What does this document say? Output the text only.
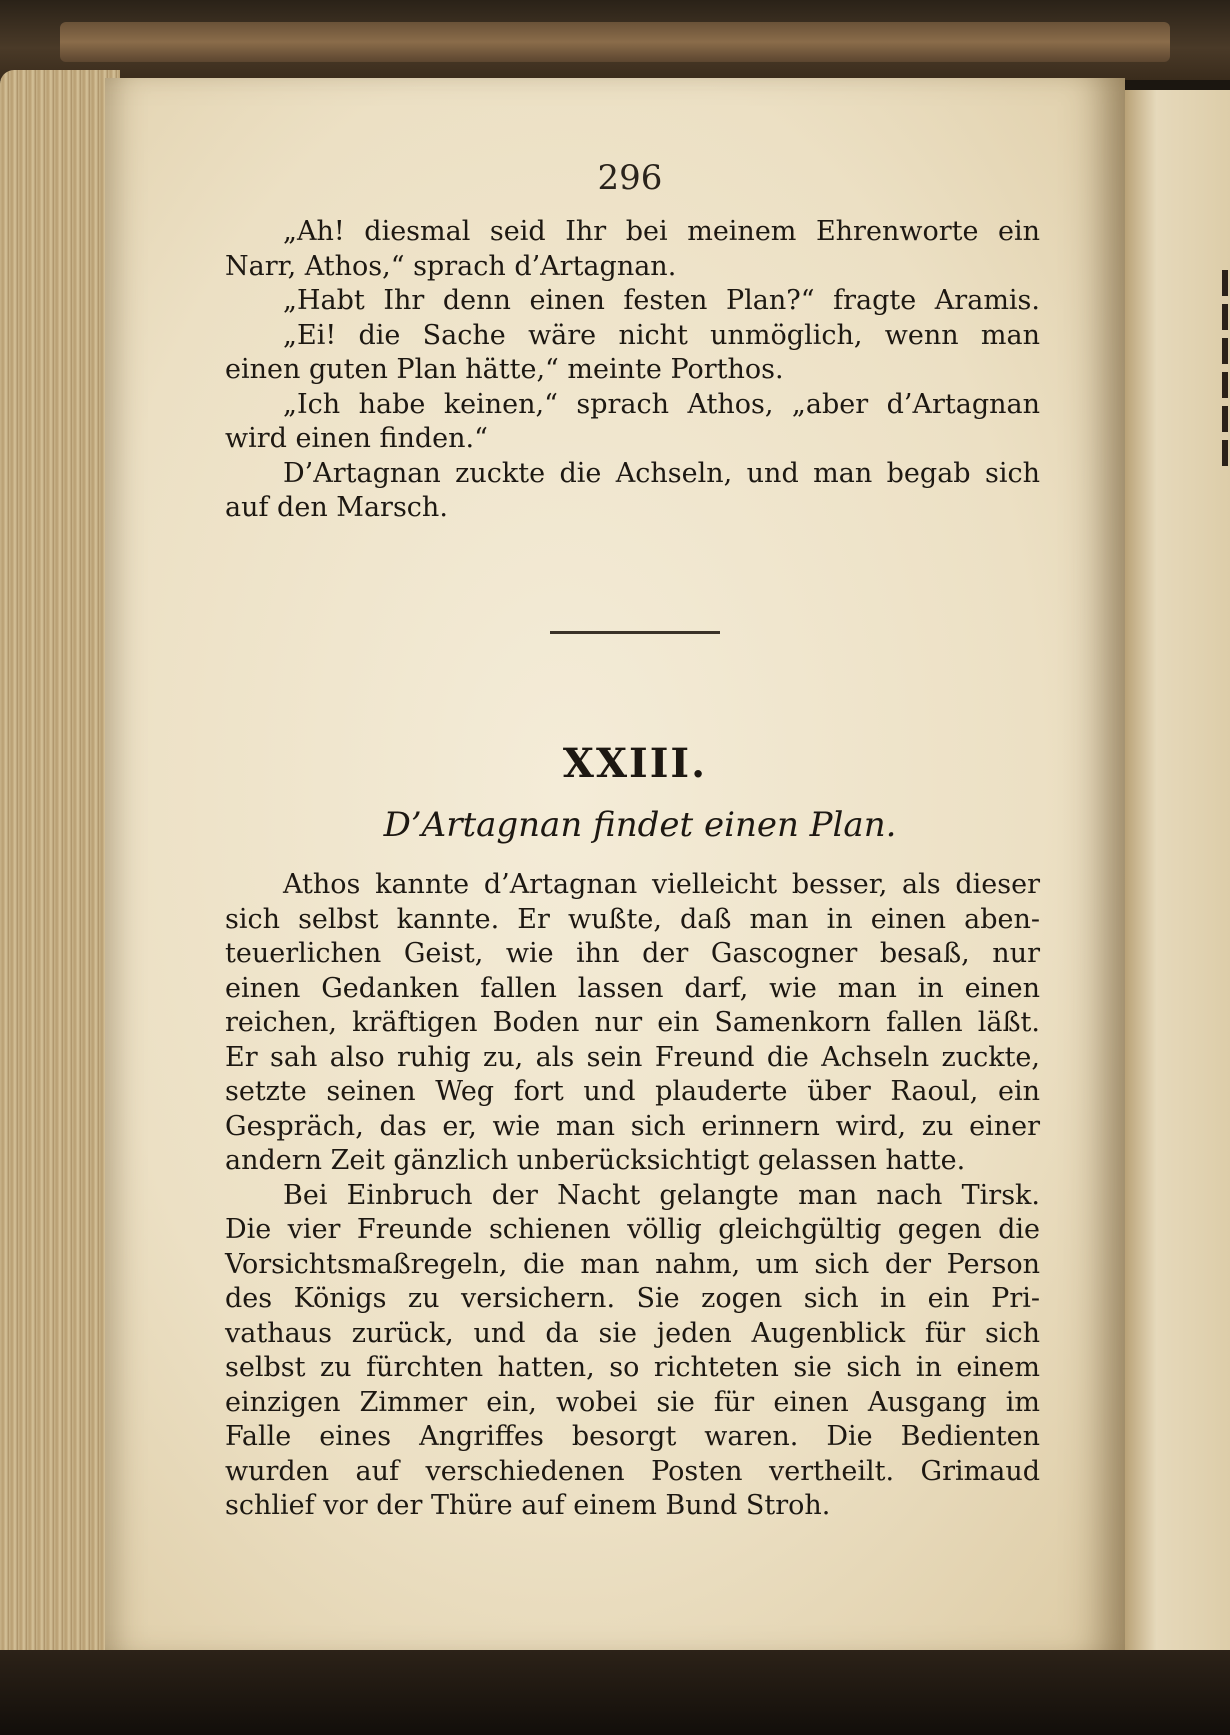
296
„Ah! diesmal seid Ihr bei meinem Ehrenworte ein
Narr, Athos,“ sprach d’Artagnan.
„Habt Ihr denn einen festen Plan?“ fragte Aramis.
„Ei! die Sache wäre nicht unmöglich, wenn man
einen guten Plan hätte,“ meinte Porthos.
„Ich habe keinen,“ sprach Athos, „aber d’Artagnan
wird einen finden.“
D’Artagnan zuckte die Achseln, und man begab sich
auf den Marsch.
XXIII.
D’Artagnan findet einen Plan.
Athos kannte d’Artagnan vielleicht besser, als dieser
sich selbst kannte. Er wußte, daß man in einen aben-
teuerlichen Geist, wie ihn der Gascogner besaß, nur
einen Gedanken fallen lassen darf, wie man in einen
reichen, kräftigen Boden nur ein Samenkorn fallen läßt.
Er sah also ruhig zu, als sein Freund die Achseln zuckte,
setzte seinen Weg fort und plauderte über Raoul, ein
Gespräch, das er, wie man sich erinnern wird, zu einer
andern Zeit gänzlich unberücksichtigt gelassen hatte.
Bei Einbruch der Nacht gelangte man nach Tirsk.
Die vier Freunde schienen völlig gleichgültig gegen die
Vorsichtsmaßregeln, die man nahm, um sich der Person
des Königs zu versichern. Sie zogen sich in ein Pri-
vathaus zurück, und da sie jeden Augenblick für sich
selbst zu fürchten hatten, so richteten sie sich in einem
einzigen Zimmer ein, wobei sie für einen Ausgang im
Falle eines Angriffes besorgt waren. Die Bedienten
wurden auf verschiedenen Posten vertheilt. Grimaud
schlief vor der Thüre auf einem Bund Stroh.
